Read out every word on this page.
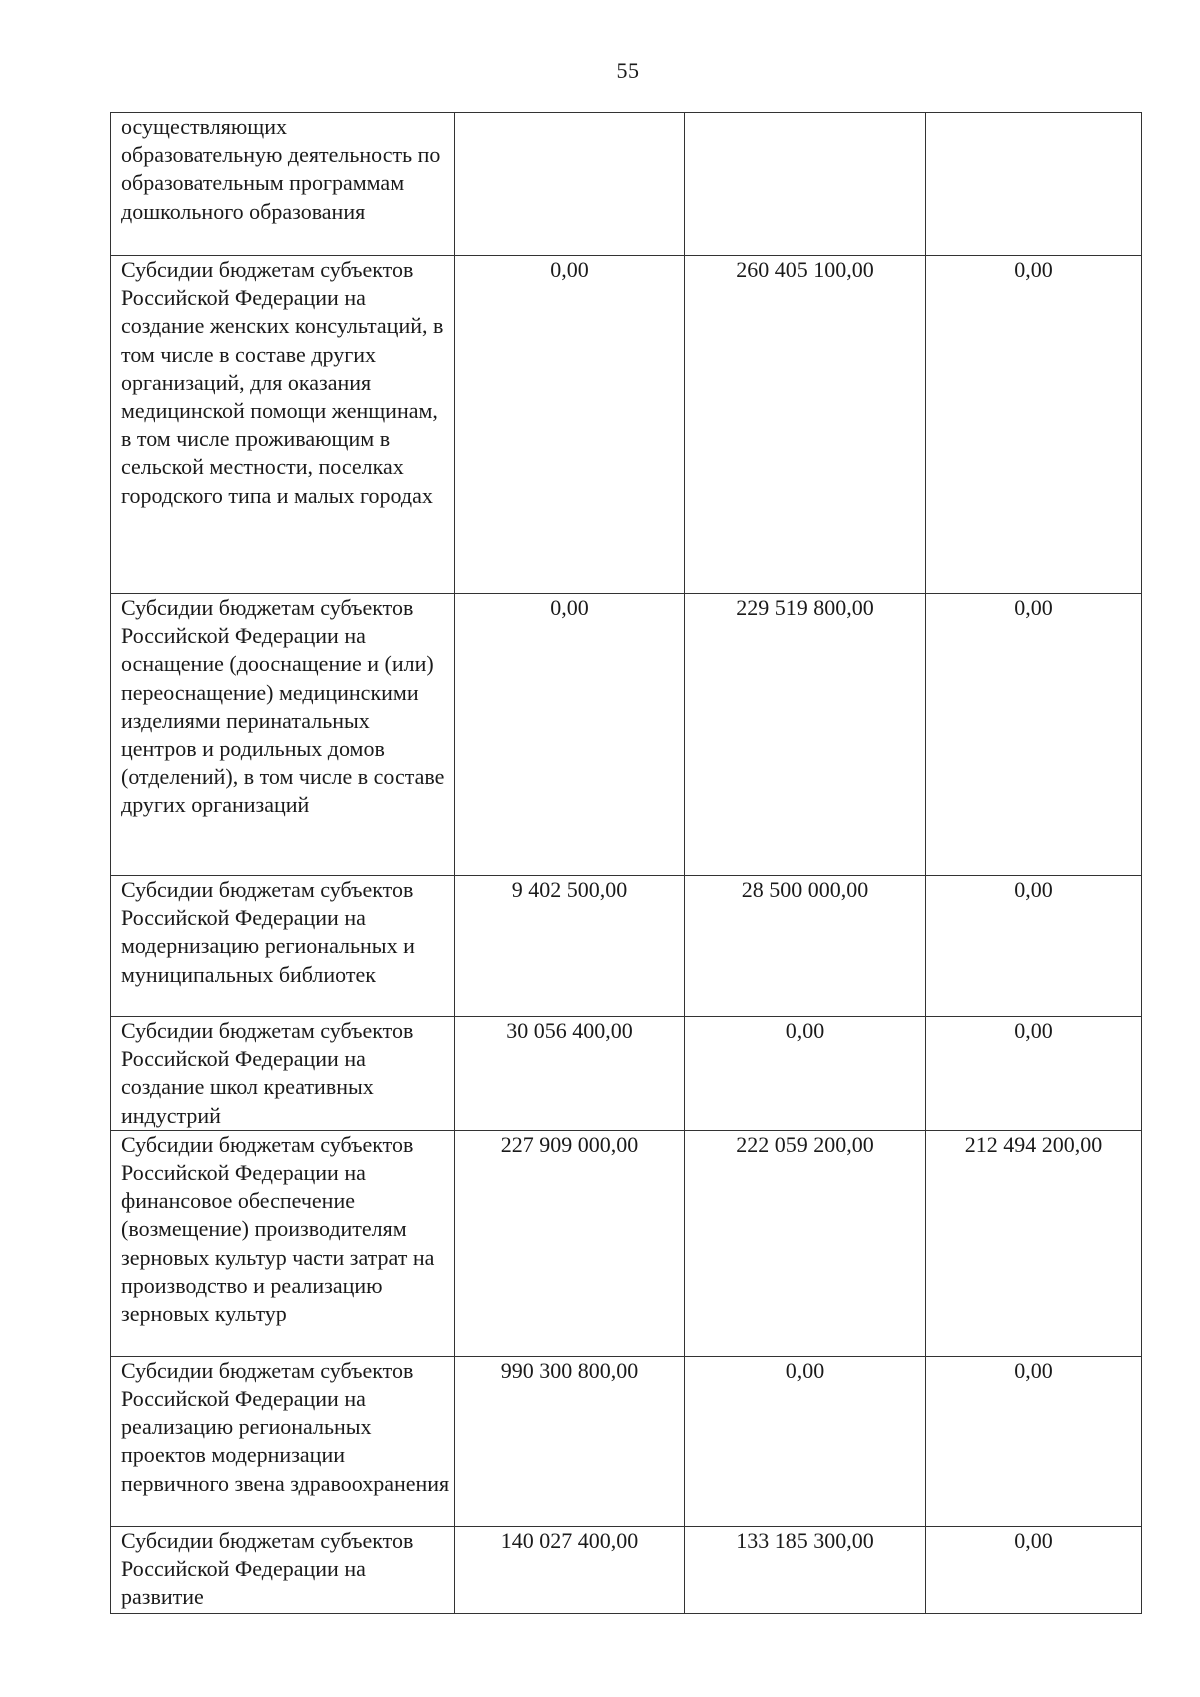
55
осуществляющих образовательную деятельность по образовательным программам дошкольного образования			
Субсидии бюджетам субъектов Российской Федерации на создание женских консультаций, в том числе в составе других организаций, для оказания медицинской помощи женщинам, в том числе проживающим в сельской местности, поселках городского типа и малых городах	0,00	260 405 100,00	0,00
Субсидии бюджетам субъектов Российской Федерации на оснащение (дооснащение и (или) переоснащение) медицинскими изделиями перинатальных центров и родильных домов (отделений), в том числе в составе других организаций	0,00	229 519 800,00	0,00
Субсидии бюджетам субъектов Российской Федерации на модернизацию региональных и муниципальных библиотек	9 402 500,00	28 500 000,00	0,00
Субсидии бюджетам субъектов Российской Федерации на создание школ креативных индустрий	30 056 400,00	0,00	0,00
Субсидии бюджетам субъектов Российской Федерации на финансовое обеспечение (возмещение) производителям зерновых культур части затрат на производство и реализацию зерновых культур	227 909 000,00	222 059 200,00	212 494 200,00
Субсидии бюджетам субъектов Российской Федерации на реализацию региональных проектов модернизации первичного звена здравоохранения	990 300 800,00	0,00	0,00
Субсидии бюджетам субъектов Российской Федерации на развитие	140 027 400,00	133 185 300,00	0,00
